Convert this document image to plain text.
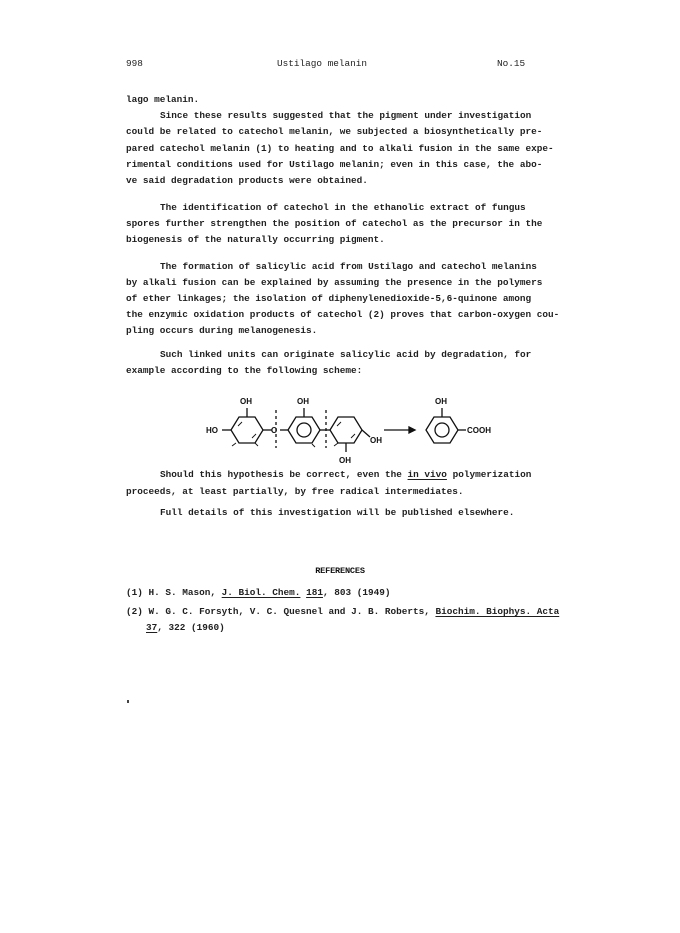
998	Ustilago melanin	No.15
lago melanin.
Since these results suggested that the pigment under investigation
could be related to catechol melanin, we subjected a biosynthetically pre-
pared catechol melanin (1) to heating and to alkali fusion in the same expe-
rimental conditions used for Ustilago melanin; even in this case, the abo-
ve said degradation products were obtained.
The identification of catechol in the ethanolic extract of fungus
spores further strengthen the position of catechol as the precursor in the
biogenesis of the naturally occurring pigment.
The formation of salicylic acid from Ustilago and catechol melanins
by alkali fusion can be explained by assuming the presence in the polymers
of ether linkages; the isolation of diphenylenedioxide-5,6-quinone among
the enzymic oxidation products of catechol (2) proves that carbon-oxygen cou-
pling occurs during melanogenesis.
Such linked units can originate salicylic acid by degradation, for
example according to the following scheme:
OH	OH
HO	O
OH
OH
OH
COOH
Should this hypothesis be correct, even the in vivo polymerization
proceeds, at least partially, by free radical intermediates.
Full details of this investigation will be published elsewhere.
REFERENCES
(1) H. S. Mason, J. Biol. Chem. 181, 803 (1949)
(2) W. G. C. Forsyth, V. C. Quesnel and J. B. Roberts, Biochim. Biophys. Acta
37, 322 (1960)
